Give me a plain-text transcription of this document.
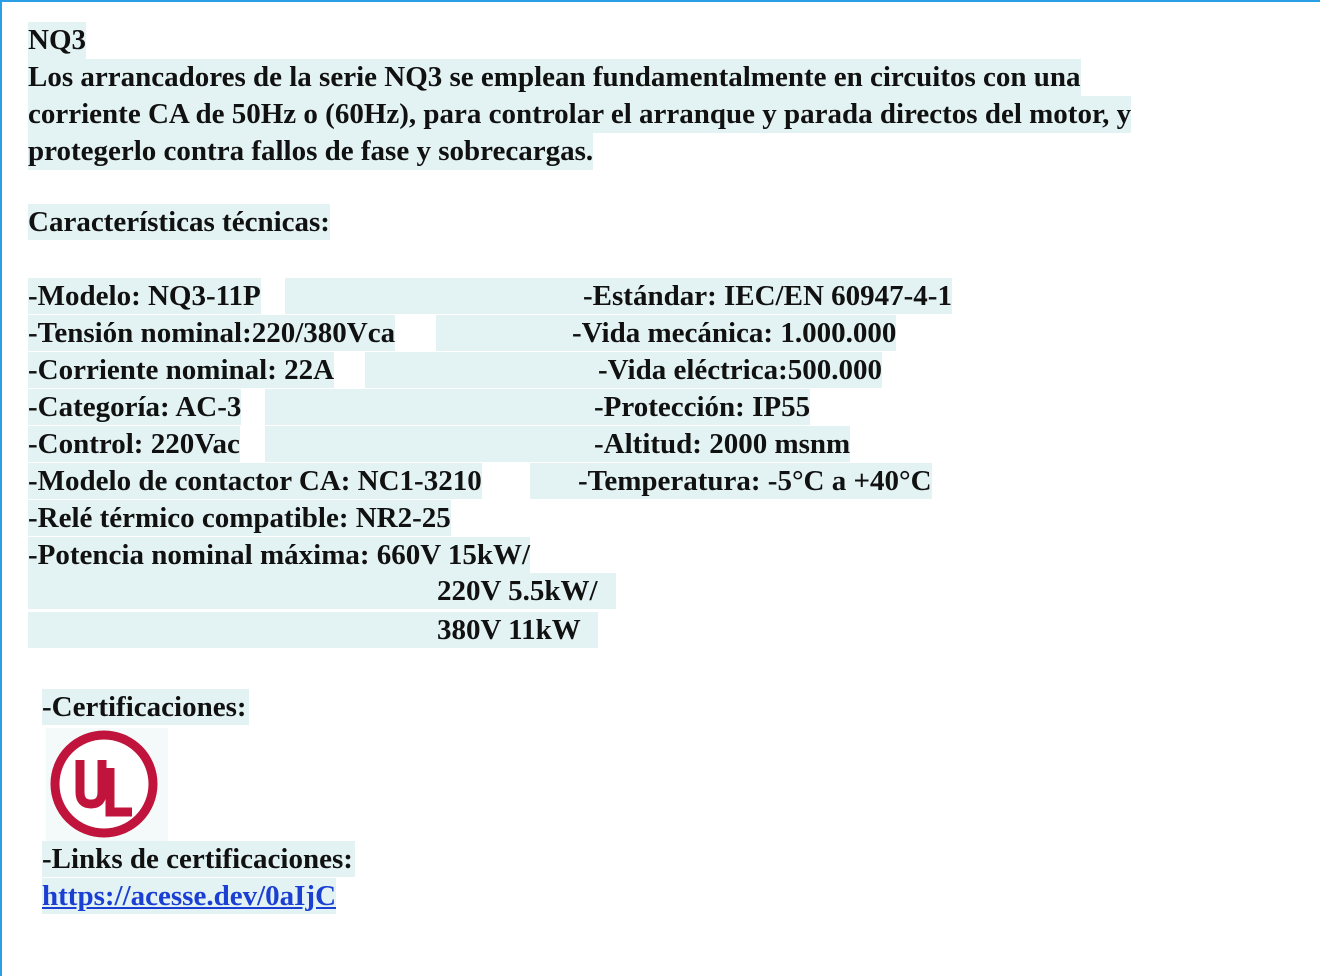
NQ3
Los arrancadores de la serie NQ3 se emplean fundamentalmente en circuitos con una
corriente CA de 50Hz o (60Hz), para controlar el arranque y parada directos del motor, y
protegerlo contra fallos de fase y sobrecargas.
Características técnicas:
-Modelo: NQ3-11P
-Tensión nominal:220/380Vca
-Corriente nominal: 22A
-Categoría: AC-3
-Control: 220Vac
-Modelo de contactor CA: NC1-3210
-Relé térmico compatible: NR2-25
-Potencia nominal máxima: 660V 15kW/
220V 5.5kW/
380V 11kW
-Estándar: IEC/EN 60947-4-1
-Vida mecánica: 1.000.000
-Vida eléctrica:500.000
-Protección: IP55
-Altitud: 2000 msnm
-Temperatura: -5°C a +40°C
-Certificaciones:
-Links de certificaciones:
https://acesse.dev/0aIjC
